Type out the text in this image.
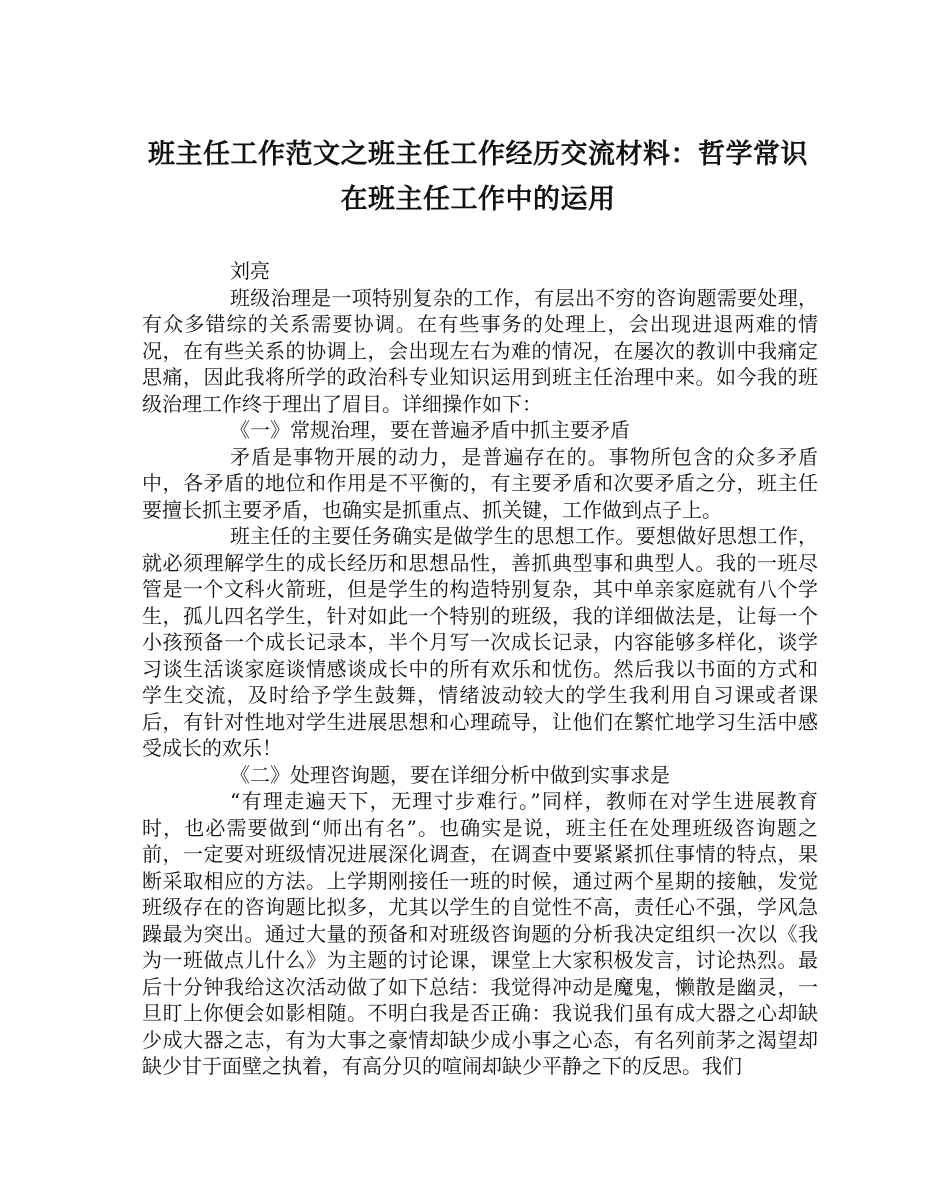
班主任工作范文之班主任工作经历交流材料：哲学常识
在班主任工作中的运用

刘亮

班级治理是一项特别复杂的工作，有层出不穷的咨询题需要处理，有众多错综的关系需要协调。在有些事务的处理上，会出现进退两难的情况，在有些关系的协调上，会出现左右为难的情况，在屡次的教训中我痛定思痛，因此我将所学的政治科专业知识运用到班主任治理中来。如今我的班级治理工作终于理出了眉目。详细操作如下：

《一》常规治理，要在普遍矛盾中抓主要矛盾

矛盾是事物开展的动力，是普遍存在的。事物所包含的众多矛盾中，各矛盾的地位和作用是不平衡的，有主要矛盾和次要矛盾之分，班主任要擅长抓主要矛盾，也确实是抓重点、抓关键，工作做到点子上。

班主任的主要任务确实是做学生的思想工作。要想做好思想工作，就必须理解学生的成长经历和思想品性，善抓典型事和典型人。我的一班尽管是一个文科火箭班，但是学生的构造特别复杂，其中单亲家庭就有八个学生，孤儿四名学生，针对如此一个特别的班级，我的详细做法是，让每一个小孩预备一个成长记录本，半个月写一次成长记录，内容能够多样化，谈学习谈生活谈家庭谈情感谈成长中的所有欢乐和忧伤。然后我以书面的方式和学生交流，及时给予学生鼓舞，情绪波动较大的学生我利用自习课或者课后，有针对性地对学生进展思想和心理疏导，让他们在繁忙地学习生活中感受成长的欢乐！

《二》处理咨询题，要在详细分析中做到实事求是

“有理走遍天下，无理寸步难行。”同样，教师在对学生进展教育时，也必需要做到“师出有名”。也确实是说，班主任在处理班级咨询题之前，一定要对班级情况进展深化调查，在调查中要紧紧抓住事情的特点，果断采取相应的方法。上学期刚接任一班的时候，通过两个星期的接触，发觉班级存在的咨询题比拟多，尤其以学生的自觉性不高，责任心不强，学风急躁最为突出。通过大量的预备和对班级咨询题的分析我决定组织一次以《我为一班做点儿什么》为主题的讨论课，课堂上大家积极发言，讨论热烈。最后十分钟我给这次活动做了如下总结：我觉得冲动是魔鬼，懒散是幽灵，一旦盯上你便会如影相随。不明白我是否正确：我说我们虽有成大器之心却缺少成大器之志，有为大事之豪情却缺少成小事之心态，有名列前茅之渴望却缺少甘于面壁之执着，有高分贝的喧闹却缺少平静之下的反思。我们
